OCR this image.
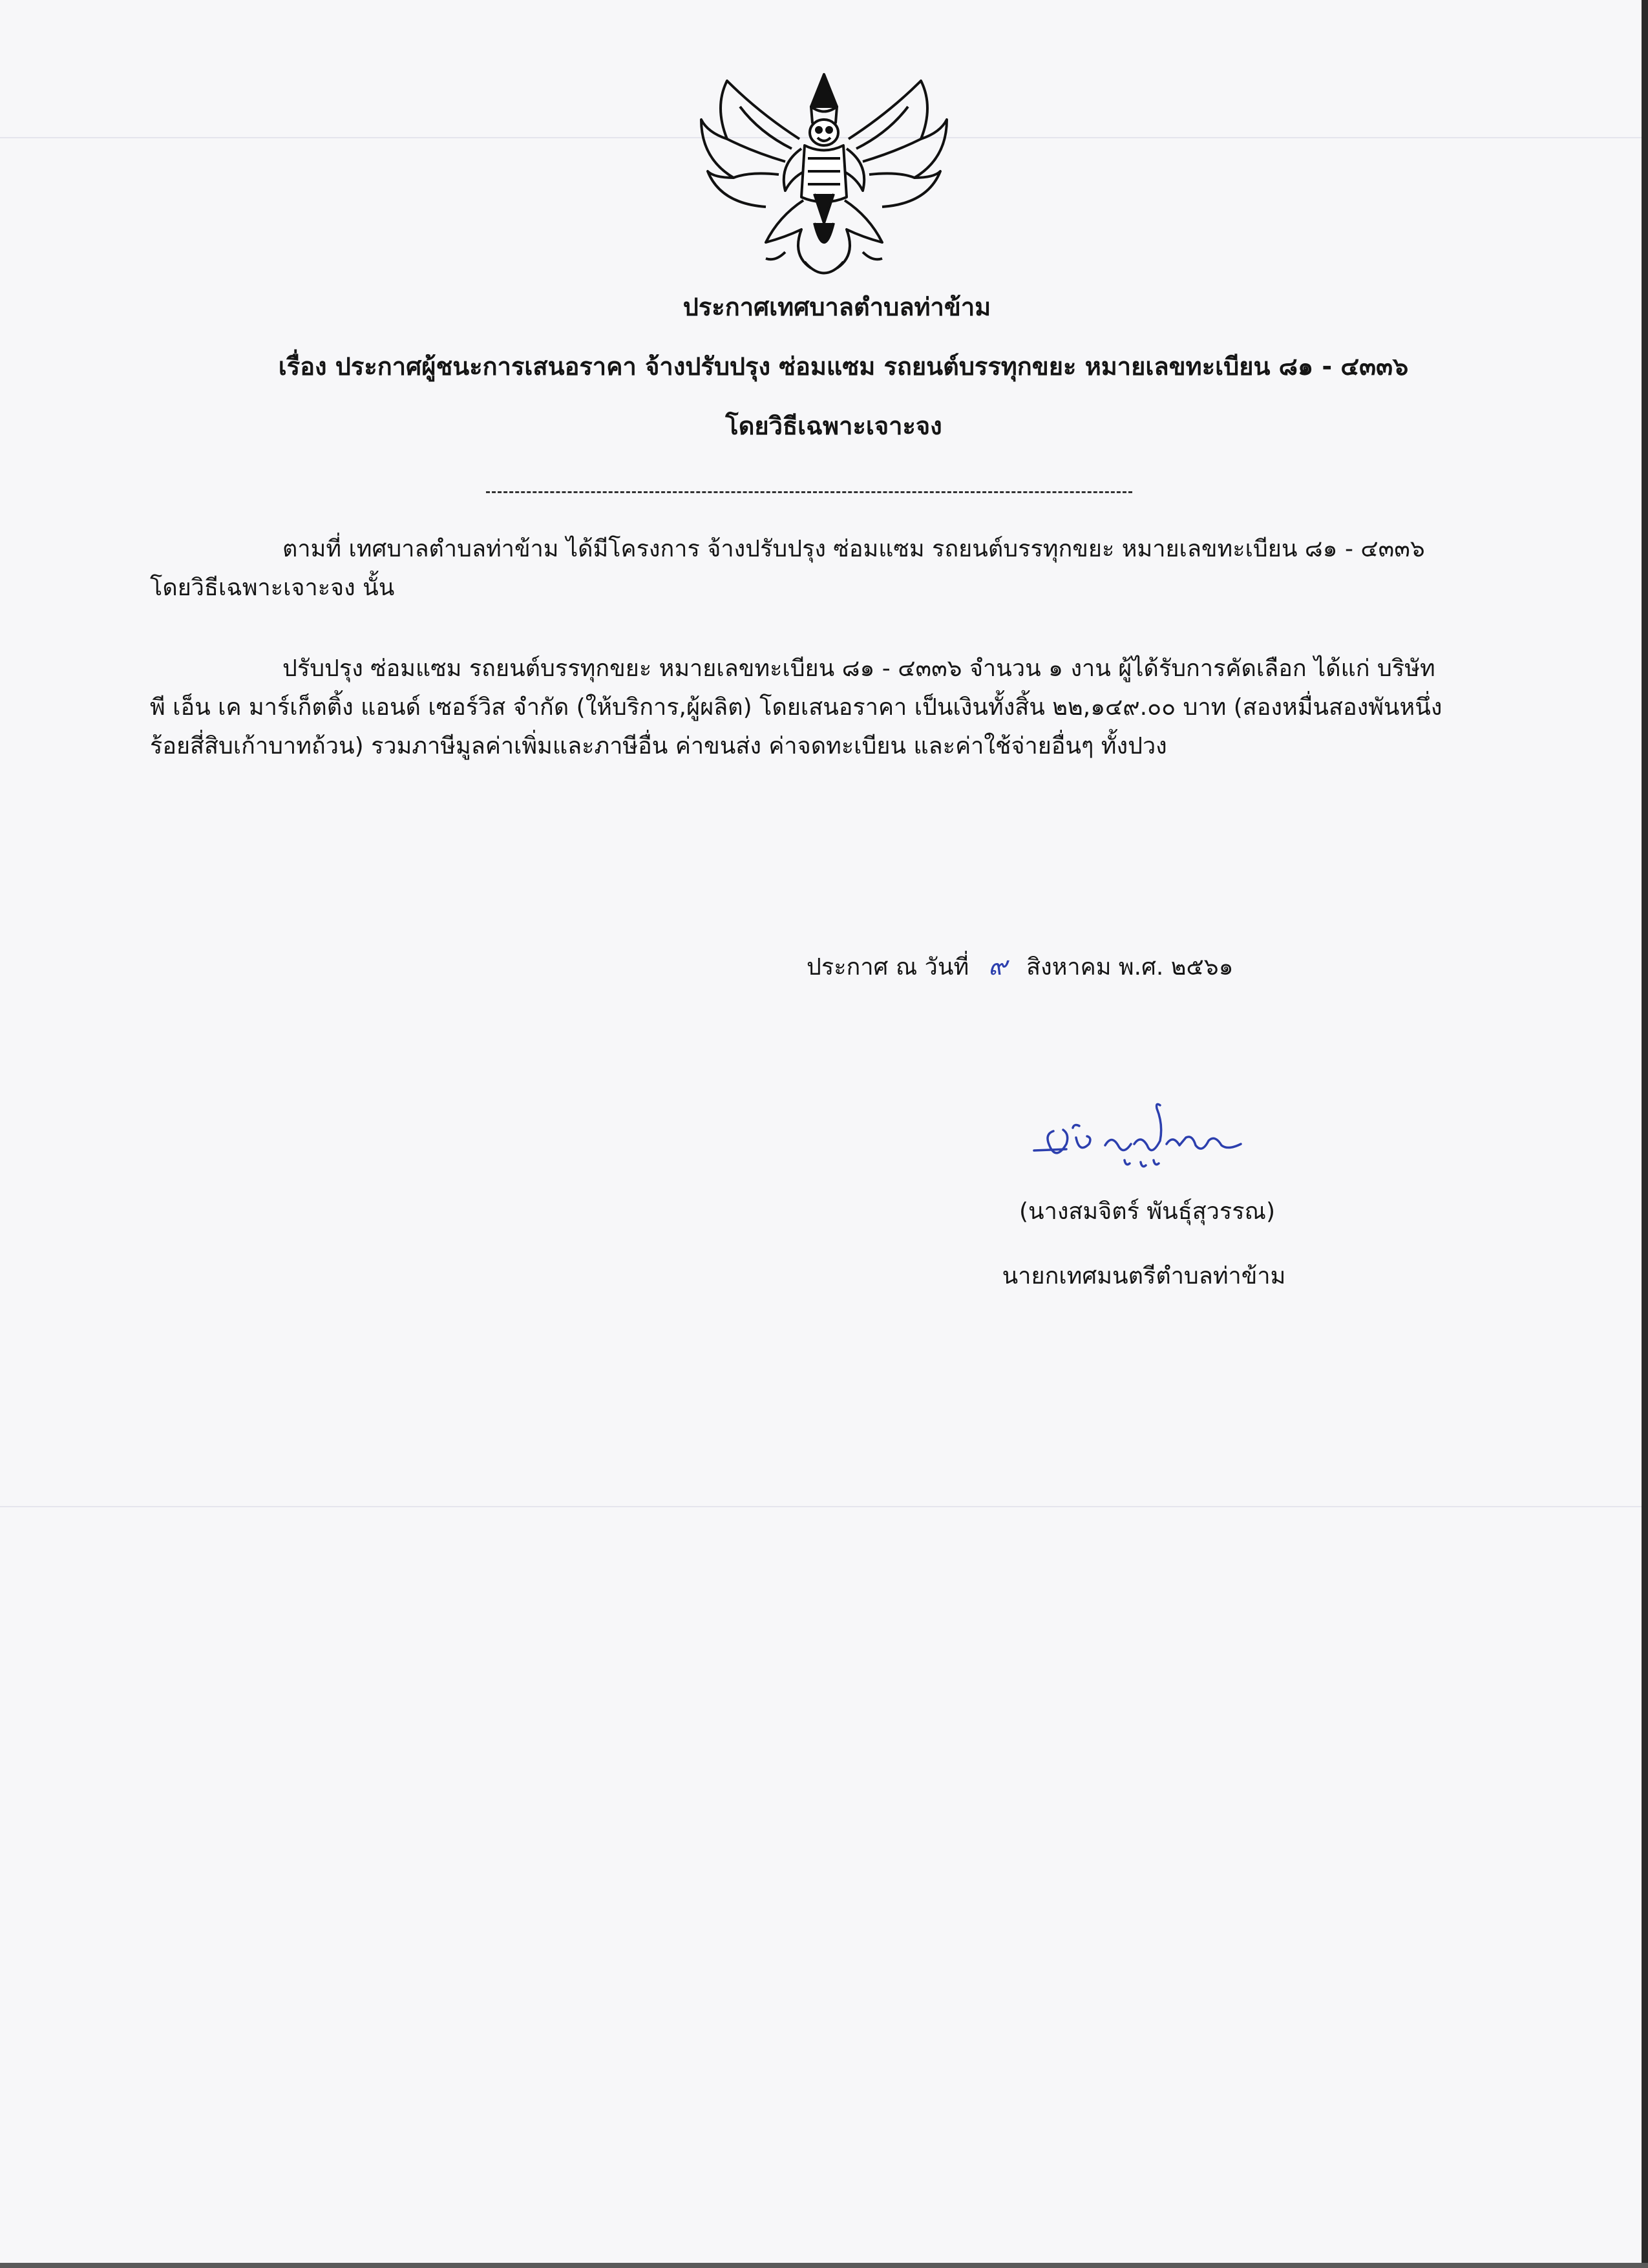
ประกาศเทศบาลตำบลท่าข้าม
เรื่อง ประกาศผู้ชนะการเสนอราคา จ้างปรับปรุง ซ่อมแซม รถยนต์บรรทุกขยะ หมายเลขทะเบียน ๘๑ - ๔๓๓๖
โดยวิธีเฉพาะเจาะจง
ตามที่ เทศบาลตำบลท่าข้าม ได้มีโครงการ จ้างปรับปรุง ซ่อมแซม รถยนต์บรรทุกขยะ หมายเลขทะเบียน ๘๑ - ๔๓๓๖ โดยวิธีเฉพาะเจาะจง นั้น
ปรับปรุง ซ่อมแซม รถยนต์บรรทุกขยะ หมายเลขทะเบียน ๘๑ - ๔๓๓๖ จำนวน ๑ งาน ผู้ได้รับการคัดเลือก ได้แก่ บริษัท พี เอ็น เค มาร์เก็ตติ้ง แอนด์ เซอร์วิส จำกัด (ให้บริการ,ผู้ผลิต) โดยเสนอราคา เป็นเงินทั้งสิ้น ๒๒,๑๔๙.๐๐ บาท (สองหมื่นสองพันหนึ่งร้อยสี่สิบเก้าบาทถ้วน) รวมภาษีมูลค่าเพิ่มและภาษีอื่น ค่าขนส่ง ค่าจดทะเบียน และค่าใช้จ่ายอื่นๆ ทั้งปวง
ประกาศ ณ วันที่ ๙ สิงหาคม พ.ศ. ๒๕๖๑
(นางสมจิตร์ พันธุ์สุวรรณ)
นายกเทศมนตรีตำบลท่าข้าม
